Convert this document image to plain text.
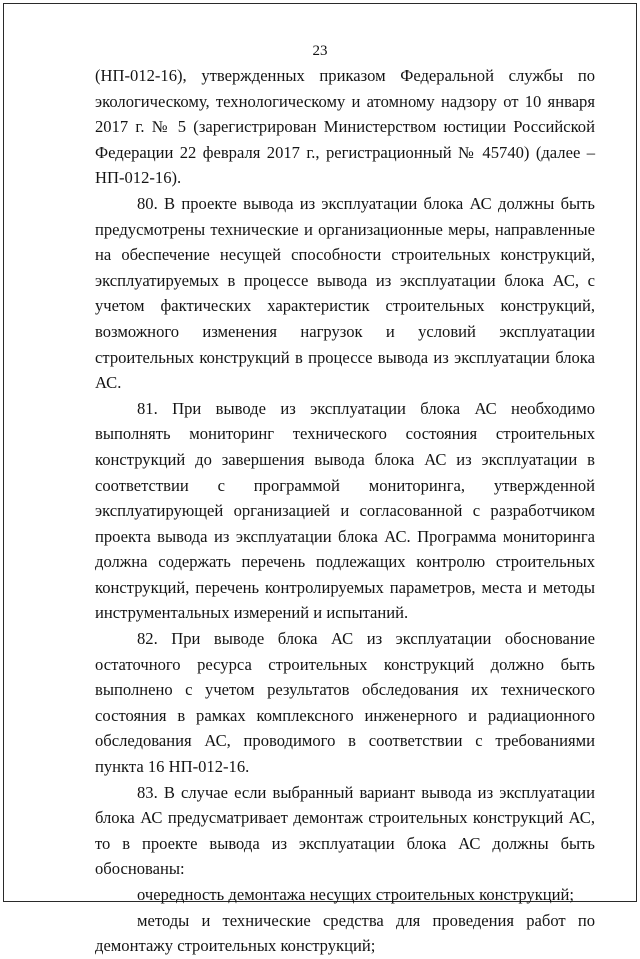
23

(НП-012-16), утвержденных приказом Федеральной службы по экологическому, технологическому и атомному надзору от 10 января 2017 г. № 5 (зарегистрирован Министерством юстиции Российской Федерации 22 февраля 2017 г., регистрационный № 45740) (далее – НП-012-16).

80. В проекте вывода из эксплуатации блока АС должны быть предусмотрены технические и организационные меры, направленные на обеспечение несущей способности строительных конструкций, эксплуатируемых в процессе вывода из эксплуатации блока АС, с учетом фактических характеристик строительных конструкций, возможного изменения нагрузок и условий эксплуатации строительных конструкций в процессе вывода из эксплуатации блока АС.

81. При выводе из эксплуатации блока АС необходимо выполнять мониторинг технического состояния строительных конструкций до завершения вывода блока АС из эксплуатации в соответствии с программой мониторинга, утвержденной эксплуатирующей организацией и согласованной с разработчиком проекта вывода из эксплуатации блока АС. Программа мониторинга должна содержать перечень подлежащих контролю строительных конструкций, перечень контролируемых параметров, места и методы инструментальных измерений и испытаний.

82. При выводе блока АС из эксплуатации обоснование остаточного ресурса строительных конструкций должно быть выполнено с учетом результатов обследования их технического состояния в рамках комплексного инженерного и радиационного обследования АС, проводимого в соответствии с требованиями пункта 16 НП-012-16.

83. В случае если выбранный вариант вывода из эксплуатации блока АС предусматривает демонтаж строительных конструкций АС, то в проекте вывода из эксплуатации блока АС должны быть обоснованы:

очередность демонтажа несущих строительных конструкций;

методы и технические средства для проведения работ по демонтажу строительных конструкций;
